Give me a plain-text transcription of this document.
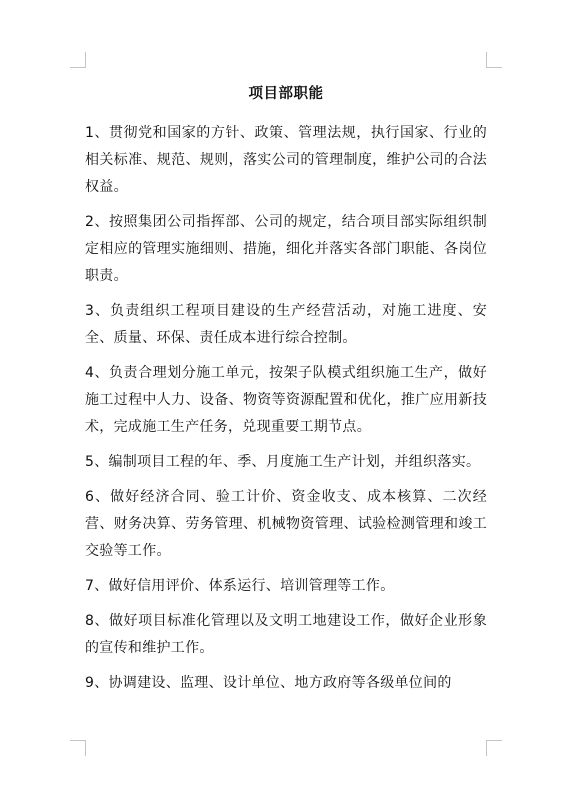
项目部职能

1、贯彻党和国家的方针、政策、管理法规，执行国家、行业的相关标准、规范、规则，落实公司的管理制度，维护公司的合法权益。

2、按照集团公司指挥部、公司的规定，结合项目部实际组织制定相应的管理实施细则、措施，细化并落实各部门职能、各岗位职责。

3、负责组织工程项目建设的生产经营活动，对施工进度、安全、质量、环保、责任成本进行综合控制。

4、负责合理划分施工单元，按架子队模式组织施工生产，做好施工过程中人力、设备、物资等资源配置和优化，推广应用新技术，完成施工生产任务，兑现重要工期节点。

5、编制项目工程的年、季、月度施工生产计划，并组织落实。

6、做好经济合同、验工计价、资金收支、成本核算、二次经营、财务决算、劳务管理、机械物资管理、试验检测管理和竣工交验等工作。

7、做好信用评价、体系运行、培训管理等工作。

8、做好项目标准化管理以及文明工地建设工作，做好企业形象的宣传和维护工作。

9、协调建设、监理、设计单位、地方政府等各级单位间的
